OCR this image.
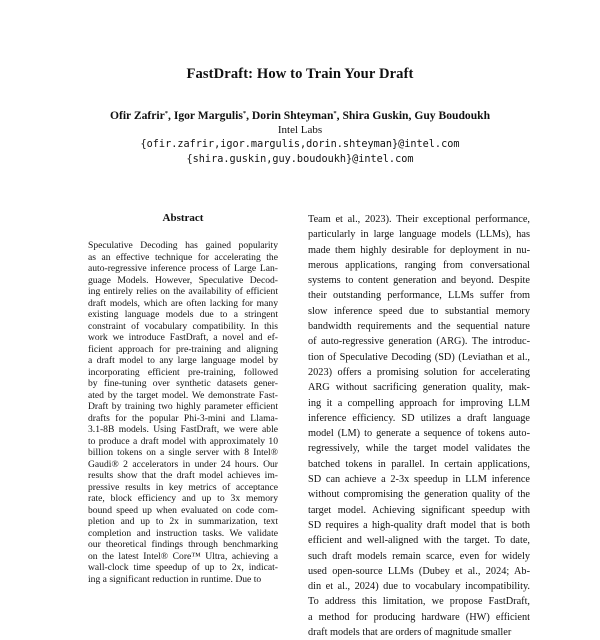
FastDraft: How to Train Your Draft
Ofir Zafrir*, Igor Margulis*, Dorin Shteyman*, Shira Guskin, Guy Boudoukh
Intel Labs
{ofir.zafrir,igor.margulis,dorin.shteyman}@intel.com
{shira.guskin,guy.boudoukh}@intel.com
Abstract
Speculative Decoding has gained popularity
as an effective technique for accelerating the
auto-regressive inference process of Large Lan-
guage Models. However, Speculative Decod-
ing entirely relies on the availability of efficient
draft models, which are often lacking for many
existing language models due to a stringent
constraint of vocabulary compatibility. In this
work we introduce FastDraft, a novel and ef-
ficient approach for pre-training and aligning
a draft model to any large language model by
incorporating efficient pre-training, followed
by fine-tuning over synthetic datasets gener-
ated by the target model. We demonstrate Fast-
Draft by training two highly parameter efficient
drafts for the popular Phi-3-mini and Llama-
3.1-8B models. Using FastDraft, we were able
to produce a draft model with approximately 10
billion tokens on a single server with 8 Intel®
Gaudi® 2 accelerators in under 24 hours. Our
results show that the draft model achieves im-
pressive results in key metrics of acceptance
rate, block efficiency and up to 3x memory
bound speed up when evaluated on code com-
pletion and up to 2x in summarization, text
completion and instruction tasks. We validate
our theoretical findings through benchmarking
on the latest Intel® Core™ Ultra, achieving a
wall-clock time speedup of up to 2x, indicat-
ing a significant reduction in runtime. Due to
Team et al., 2023). Their exceptional performance,
particularly in large language models (LLMs), has
made them highly desirable for deployment in nu-
merous applications, ranging from conversational
systems to content generation and beyond. Despite
their outstanding performance, LLMs suffer from
slow inference speed due to substantial memory
bandwidth requirements and the sequential nature
of auto-regressive generation (ARG). The introduc-
tion of Speculative Decoding (SD) (Leviathan et al.,
2023) offers a promising solution for accelerating
ARG without sacrificing generation quality, mak-
ing it a compelling approach for improving LLM
inference efficiency. SD utilizes a draft language
model (LM) to generate a sequence of tokens auto-
regressively, while the target model validates the
batched tokens in parallel. In certain applications,
SD can achieve a 2-3x speedup in LLM inference
without compromising the generation quality of the
target model. Achieving significant speedup with
SD requires a high-quality draft model that is both
efficient and well-aligned with the target. To date,
such draft models remain scarce, even for widely
used open-source LLMs (Dubey et al., 2024; Ab-
din et al., 2024) due to vocabulary incompatibility.
To address this limitation, we propose FastDraft,
a method for producing hardware (HW) efficient
draft models that are orders of magnitude smaller
